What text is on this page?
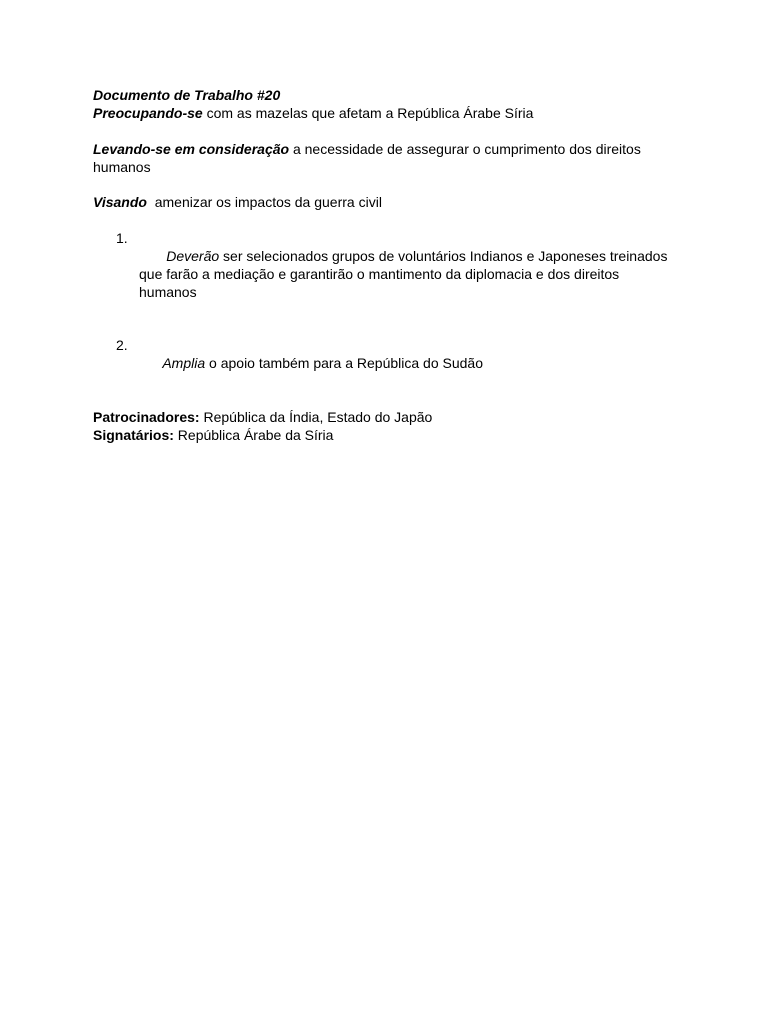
Documento de Trabalho #20

Preocupando-se com as mazelas que afetam a República Árabe Síria

Levando-se em consideração a necessidade de assegurar o cumprimento dos direitos humanos

Visando  amenizar os impactos da guerra civil

1.
Deverão ser selecionados grupos de voluntários Indianos e Japoneses treinados que farão a mediação e garantirão o mantimento da diplomacia e dos direitos humanos

2.
Amplia o apoio também para a República do Sudão

Patrocinadores: República da Índia, Estado do Japão

Signatários: República Árabe da Síria
